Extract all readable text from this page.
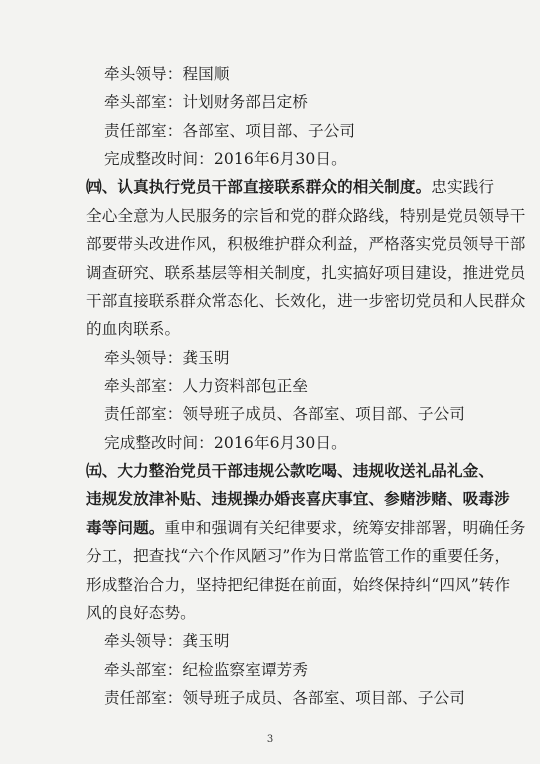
牵头领导：程国顺
牵头部室：计划财务部吕定桥
责任部室：各部室、项目部、子公司
完成整改时间：2016年6月30日。
㈣、认真执行党员干部直接联系群众的相关制度。忠实践行
全心全意为人民服务的宗旨和党的群众路线，特别是党员领导干
部要带头改进作风，积极维护群众利益，严格落实党员领导干部
调查研究、联系基层等相关制度，扎实搞好项目建设，推进党员
干部直接联系群众常态化、长效化，进一步密切党员和人民群众
的血肉联系。
牵头领导：龚玉明
牵头部室：人力资料部包正垒
责任部室：领导班子成员、各部室、项目部、子公司
完成整改时间：2016年6月30日。
㈤、大力整治党员干部违规公款吃喝、违规收送礼品礼金、
违规发放津补贴、违规操办婚丧喜庆事宜、参赌涉赌、吸毒涉
毒等问题。重申和强调有关纪律要求，统筹安排部署，明确任务
分工，把查找“六个作风陋习”作为日常监管工作的重要任务，
形成整治合力，坚持把纪律挺在前面，始终保持纠“四风”转作
风的良好态势。
牵头领导：龚玉明
牵头部室：纪检监察室谭芳秀
责任部室：领导班子成员、各部室、项目部、子公司
3
